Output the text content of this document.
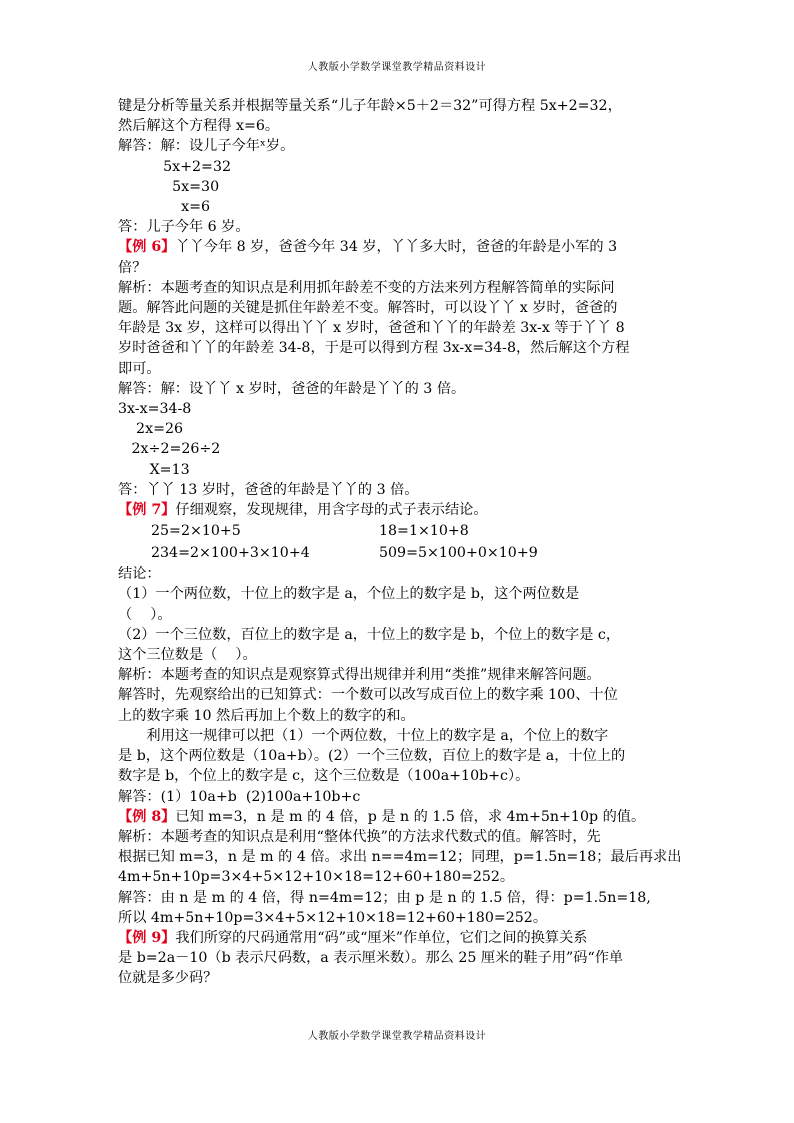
人教版小学数学课堂教学精品资料设计
键是分析等量关系并根据等量关系“儿子年龄×5＋2＝32”可得方程 5x+2=32，
然后解这个方程得 x=6。
解答：解：设儿子今年ˣ岁。
5x+2=32
5x=30
x=6
答：儿子今年 6 岁。
【例 6】丫丫今年 8 岁，爸爸今年 34 岁，丫丫多大时，爸爸的年龄是小军的 3
倍？
解析：本题考查的知识点是利用抓年龄差不变的方法来列方程解答简单的实际问
题。解答此问题的关键是抓住年龄差不变。解答时，可以设丫丫 x 岁时，爸爸的
年龄是 3x 岁，这样可以得出丫丫 x 岁时，爸爸和丫丫的年龄差 3x-x 等于丫丫 8
岁时爸爸和丫丫的年龄差 34-8，于是可以得到方程 3x-x=34-8，然后解这个方程
即可。
解答：解：设丫丫 x 岁时，爸爸的年龄是丫丫的 3 倍。
3x-x=34-8
2x=26
2x÷2=26÷2
X=13
答：丫丫 13 岁时，爸爸的年龄是丫丫的 3 倍。
【例 7】仔细观察，发现规律，用含字母的式子表示结论。
25=2×10+5	18=1×10+8
234=2×100+3×10+4	509=5×100+0×10+9
结论：
（1）一个两位数，十位上的数字是 a，个位上的数字是 b，这个两位数是
（    ）。
（2）一个三位数，百位上的数字是 a，十位上的数字是 b，个位上的数字是 c，
这个三位数是（    ）。
解析：本题考查的知识点是观察算式得出规律并利用“类推”规律来解答问题。
解答时，先观察给出的已知算式：一个数可以改写成百位上的数字乘 100、十位
上的数字乘 10 然后再加上个数上的数字的和。
利用这一规律可以把（1）一个两位数，十位上的数字是 a，个位上的数字
是 b，这个两位数是（10a+b）。(2）一个三位数，百位上的数字是 a，十位上的
数字是 b，个位上的数字是 c，这个三位数是（100a+10b+c）。
解答：(1）10a+b  (2)100a+10b+c
【例 8】已知 m=3，n 是 m 的 4 倍，p 是 n 的 1.5 倍，求 4m+5n+10p 的值。
解析：本题考查的知识点是利用“整体代换”的方法求代数式的值。解答时，先
根据已知 m=3，n 是 m 的 4 倍。求出 n==4m=12；同理，p=1.5n=18；最后再求出
4m+5n+10p=3×4+5×12+10×18=12+60+180=252。
解答：由 n 是 m 的 4 倍，得 n=4m=12；由 p 是 n 的 1.5 倍，得：p=1.5n=18,
所以 4m+5n+10p=3×4+5×12+10×18=12+60+180=252。
【例 9】我们所穿的尺码通常用“码”或“厘米”作单位，它们之间的换算关系
是 b=2a－10（b 表示尺码数，a 表示厘米数）。那么 25 厘米的鞋子用”码“作单
位就是多少码？
人教版小学数学课堂教学精品资料设计
